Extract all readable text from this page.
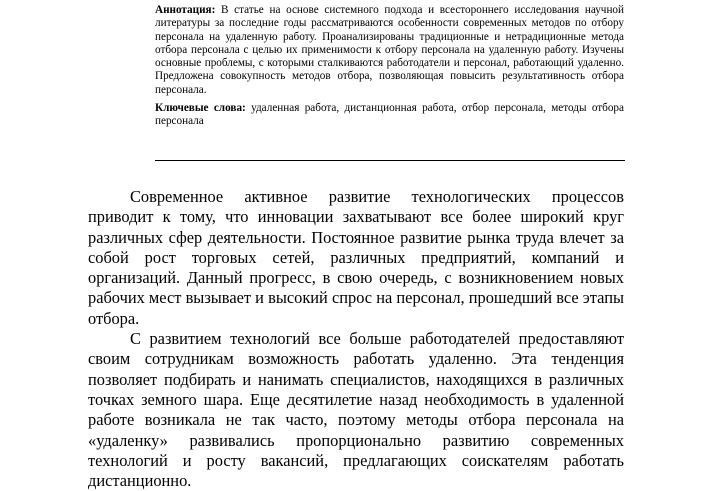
Аннотация: В статье на основе системного подхода и всестороннего исследования научной литературы за последние годы рассматриваются особенности современных методов по отбору персонала на удаленную работу. Проанализированы традиционные и нетрадиционные метода отбора персонала с целью их применимости к отбору персонала на удаленную работу. Изучены основные проблемы, с которыми сталкиваются работодатели и персонал, работающий удаленно. Предложена совокупность методов отбора, позволяющая повысить результативность отбора персонала.

Ключевые слова: удаленная работа, дистанционная работа, отбор персонала, методы отбора персонала

Современное активное развитие технологических процессов приводит к тому, что инновации захватывают все более широкий круг различных сфер деятельности. Постоянное развитие рынка труда влечет за собой рост торговых сетей, различных предприятий, компаний и организаций. Данный прогресс, в свою очередь, с возникновением новых рабочих мест вызывает и высокий спрос на персонал, прошедший все этапы отбора.

С развитием технологий все больше работодателей предоставляют своим сотрудникам возможность работать удаленно. Эта тенденция позволяет подбирать и нанимать специалистов, находящихся в различных точках земного шара. Еще десятилетие назад необходимость в удаленной работе возникала не так часто, поэтому методы отбора персонала на «удаленку» развивались пропорционально развитию современных технологий и росту вакансий, предлагающих соискателям работать дистанционно.
